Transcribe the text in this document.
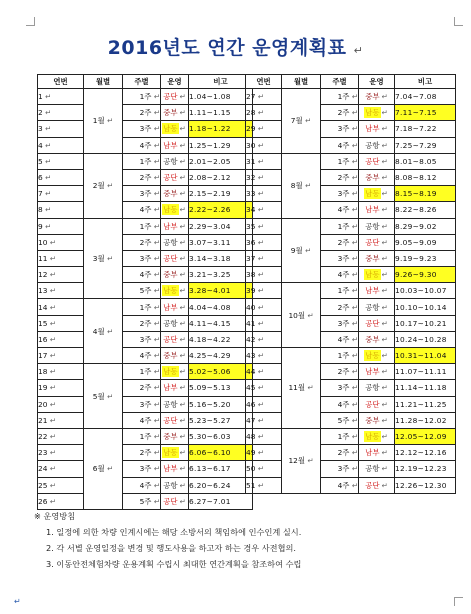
2016년도 연간 운영계획표 ↵
연번	월별	주별	운영	비고
1 ↵	1월 ↵	1주 ↵	공단↵	1.04~1.08
2 ↵		2주 ↵	중부↵	1.11~1.15
3 ↵		3주 ↵	남동↵	1.18~1.22
4 ↵		4주 ↵	남부↵	1.25~1.29
5 ↵	2월 ↵	1주 ↵	공항↵	2.01~2.05
6 ↵		2주 ↵	공단↵	2.08~2.12
7 ↵		3주 ↵	중부↵	2.15~2.19
8 ↵		4주 ↵	남동↵	2.22~2.26
9 ↵	3월 ↵	1주 ↵	남부↵	2.29~3.04
10 ↵		2주 ↵	공항↵	3.07~3.11
11 ↵		3주 ↵	공단↵	3.14~3.18
12 ↵		4주 ↵	중부↵	3.21~3.25
13 ↵		5주 ↵	남동↵	3.28~4.01
14 ↵	4월 ↵	1주 ↵	남부↵	4.04~4.08
15 ↵		2주 ↵	공항↵	4.11~4.15
16 ↵		3주 ↵	공단↵	4.18~4.22
17 ↵		4주 ↵	중부↵	4.25~4.29
18 ↵	5월 ↵	1주 ↵	남동↵	5.02~5.06
19 ↵		2주 ↵	남부↵	5.09~5.13
20 ↵		3주 ↵	공항↵	5.16~5.20
21 ↵		4주 ↵	공단↵	5.23~5.27
22 ↵	6월 ↵	1주 ↵	중부↵	5.30~6.03
23 ↵		2주 ↵	남동↵	6.06~6.10
24 ↵		3주 ↵	남부↵	6.13~6.17
25 ↵		4주 ↵	공항↵	6.20~6.24
26 ↵		5주 ↵	공단↵	6.27~7.01
연번	월별	주별	운영	비고
27 ↵	7월 ↵	1주 ↵	중부↵	7.04~7.08
28 ↵		2주 ↵	남동↵	7.11~7.15
29 ↵		3주 ↵	남부↵	7.18~7.22
30 ↵		4주 ↵	공항↵	7.25~7.29
31 ↵	8월 ↵	1주 ↵	공단↵	8.01~8.05
32 ↵		2주 ↵	중부↵	8.08~8.12
33 ↵		3주 ↵	남동↵	8.15~8.19
34 ↵		4주 ↵	남부↵	8.22~8.26
35 ↵	9월 ↵	1주 ↵	공항↵	8.29~9.02
36 ↵		2주 ↵	공단↵	9.05~9.09
37 ↵		3주 ↵	중부↵	9.19~9.23
38 ↵		4주 ↵	남동↵	9.26~9.30
39 ↵	10월 ↵	1주 ↵	남부↵	10.03~10.07
40 ↵		2주 ↵	공항↵	10.10~10.14
41 ↵		3주 ↵	공단↵	10.17~10.21
42 ↵		4주 ↵	중부↵	10.24~10.28
43 ↵	11월 ↵	1주 ↵	남동↵	10.31~11.04
44 ↵		2주 ↵	남부↵	11.07~11.11
45 ↵		3주 ↵	공항↵	11.14~11.18
46 ↵		4주 ↵	공단↵	11.21~11.25
47 ↵		5주 ↵	중부↵	11.28~12.02
48 ↵	12월 ↵	1주 ↵	남동↵	12.05~12.09
49 ↵		2주 ↵	남부↵	12.12~12.16
50 ↵		3주 ↵	공항↵	12.19~12.23
51 ↵		4주 ↵	공단↵	12.26~12.30
※ 운영방침
1. 일정에 의한 차량 인계시에는 해당 소방서의 책임하에 인수인계 실시.
2. 각 서별 운영일정을 변경 및 행도사용을 하고자 하는 경우 사전협의.
3. 이동안전체험차량 운용계획 수립시 최대한 연간계획을 참조하여 수립
↵
